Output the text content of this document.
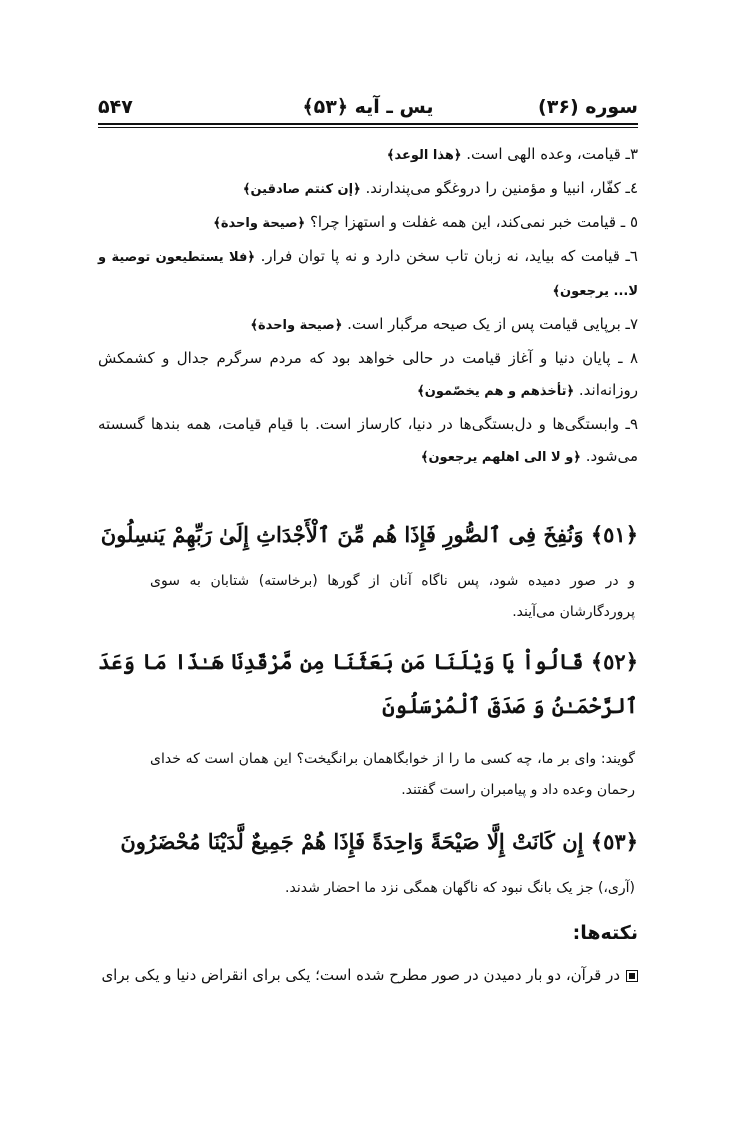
سوره (۳۶)
یس ـ آیه ﴿۵۳﴾
۵۴۷

۳ـ قیامت، وعده الهی است. ﴿هذا الوعد﴾

٤ـ کفّار، انبیا و مؤمنین را دروغگو می‌پندارند. ﴿إن کنتم صادقین﴾

٥ ـ قیامت خبر نمی‌کند، این همه غفلت و استهزا چرا؟ ﴿صیحة واحدة﴾

٦ـ قیامت که بیاید، نه زبان تاب سخن دارد و نه پا توان فرار. ﴿فلا یستطیعون توصیة و لا... یرجعون﴾

٧ـ برپایی قیامت پس از یک صیحه مرگبار است. ﴿صیحة واحدة﴾

٨ ـ پایان دنیا و آغاز قیامت در حالی خواهد بود که مردم سرگرم جدال و کشمکش روزانه‌اند. ﴿تأخذهم و هم یخصّمون﴾

٩ـ وابستگی‌ها و دل‌بستگی‌ها در دنیا، کارساز است. با قیام قیامت، همه بندها گسسته می‌شود. ﴿و لا الی اهلهم یرجعون﴾

﴿٥١﴾ وَنُفِخَ فِى ٱلصُّورِ فَإِذَا هُم مِّنَ ٱلْأَجْدَاثِ إِلَىٰ رَبِّهِمْ يَنسِلُونَ
و در صور دمیده شود، پس ناگاه آنان از گورها (برخاسته) شتابان به سوی پروردگارشان می‌آیند.
﴿٥٢﴾ قَالُواْ يَا وَيْلَنَا مَن بَعَثَنَا مِن مَّرْقَدِنَا هَـٰذَا مَا وَعَدَ ٱلرَّحْمَـٰنُ وَ صَدَقَ ٱلْمُرْسَلُونَ
گویند: وای بر ما، چه کسی ما را از خوابگاهمان برانگیخت؟ این همان است که خدای رحمان وعده داد و پیامبران راست گفتند.
﴿٥٣﴾ إِن كَانَتْ إِلَّا صَيْحَةً وَاحِدَةً فَإِذَا هُمْ جَمِيعٌ لَّدَيْنَا مُحْضَرُونَ
(آری،) جز یک بانگ نبود که ناگهان همگی نزد ما احضار شدند.
نکته‌ها:
در قرآن، دو بار دمیدن در صور مطرح شده است؛ یکی برای انقراض دنیا و یکی برای
